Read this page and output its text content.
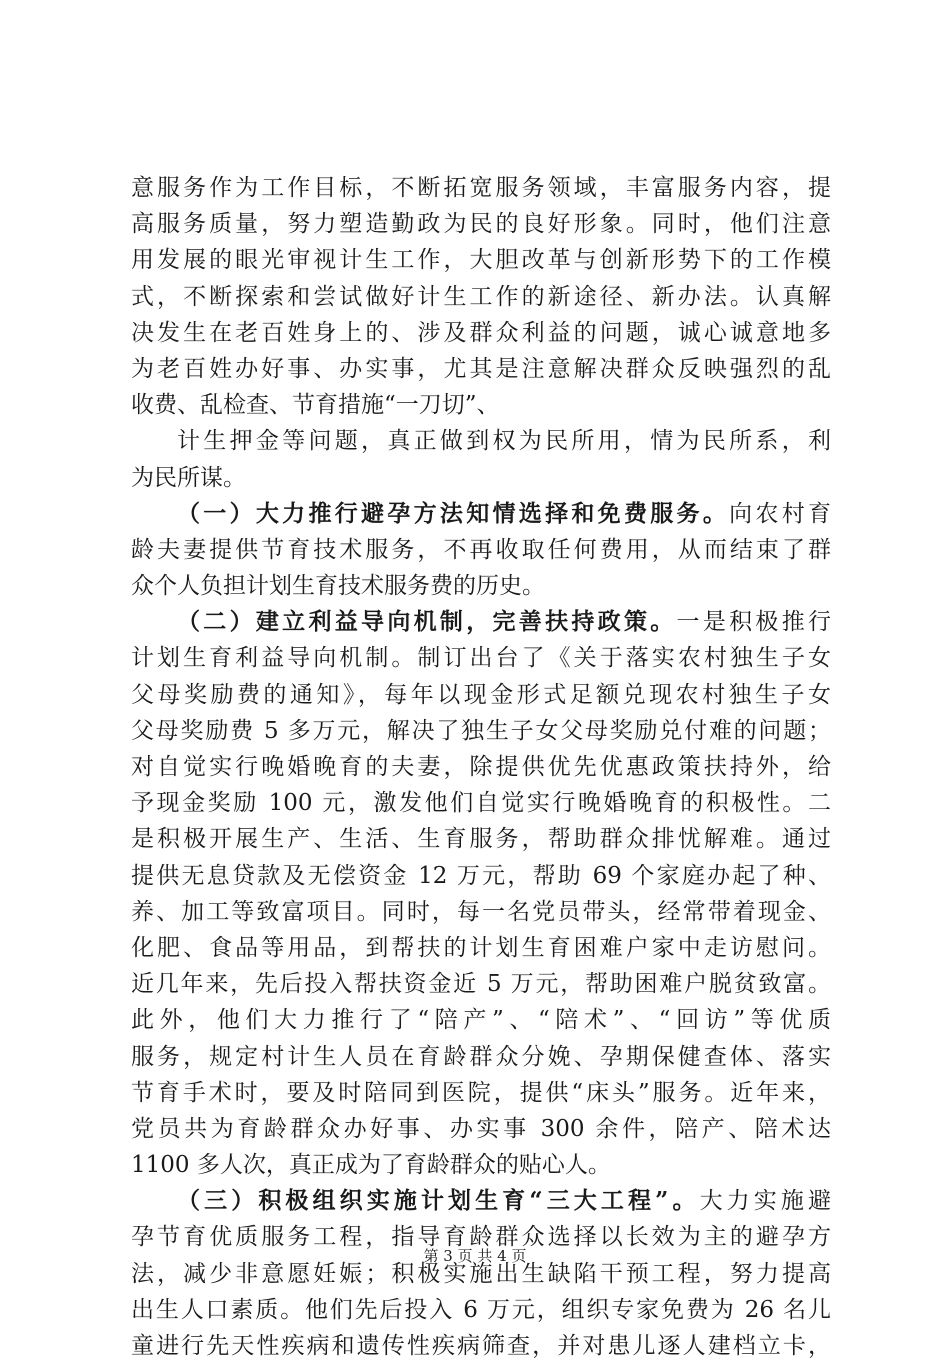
意服务作为工作目标，不断拓宽服务领域，丰富服务内容，提
高服务质量，努力塑造勤政为民的良好形象。同时，他们注意
用发展的眼光审视计生工作，大胆改革与创新形势下的工作模
式，不断探索和尝试做好计生工作的新途径、新办法。认真解
决发生在老百姓身上的、涉及群众利益的问题，诚心诚意地多
为老百姓办好事、办实事，尤其是注意解决群众反映强烈的乱
收费、乱检查、节育措施“一刀切”、
计生押金等问题，真正做到权为民所用，情为民所系，利
为民所谋。
（一）大力推行避孕方法知情选择和免费服务。向农村育
龄夫妻提供节育技术服务，不再收取任何费用，从而结束了群
众个人负担计划生育技术服务费的历史。
（二）建立利益导向机制，完善扶持政策。一是积极推行
计划生育利益导向机制。制订出台了《关于落实农村独生子女
父母奖励费的通知》，每年以现金形式足额兑现农村独生子女
父母奖励费 5 多万元，解决了独生子女父母奖励兑付难的问题；
对自觉实行晚婚晚育的夫妻，除提供优先优惠政策扶持外，给
予现金奖励 100 元，激发他们自觉实行晚婚晚育的积极性。二
是积极开展生产、生活、生育服务，帮助群众排忧解难。通过
提供无息贷款及无偿资金 12 万元，帮助 69 个家庭办起了种、
养、加工等致富项目。同时，每一名党员带头，经常带着现金、
化肥、食品等用品，到帮扶的计划生育困难户家中走访慰问。
近几年来，先后投入帮扶资金近 5 万元，帮助困难户脱贫致富。
此外，他们大力推行了“陪产”、“陪术”、“回访”等优质
服务，规定村计生人员在育龄群众分娩、孕期保健查体、落实
节育手术时，要及时陪同到医院，提供“床头”服务。近年来，
党员共为育龄群众办好事、办实事 300 余件，陪产、陪术达
1100 多人次，真正成为了育龄群众的贴心人。
（三）积极组织实施计划生育“三大工程”。大力实施避
孕节育优质服务工程，指导育龄群众选择以长效为主的避孕方
法，减少非意愿妊娠；积极实施出生缺陷干预工程，努力提高
出生人口素质。他们先后投入 6 万元，组织专家免费为 26 名儿
童进行先天性疾病和遗传性疾病筛查，并对患儿逐人建档立卡，
第 3 页 共 4 页
